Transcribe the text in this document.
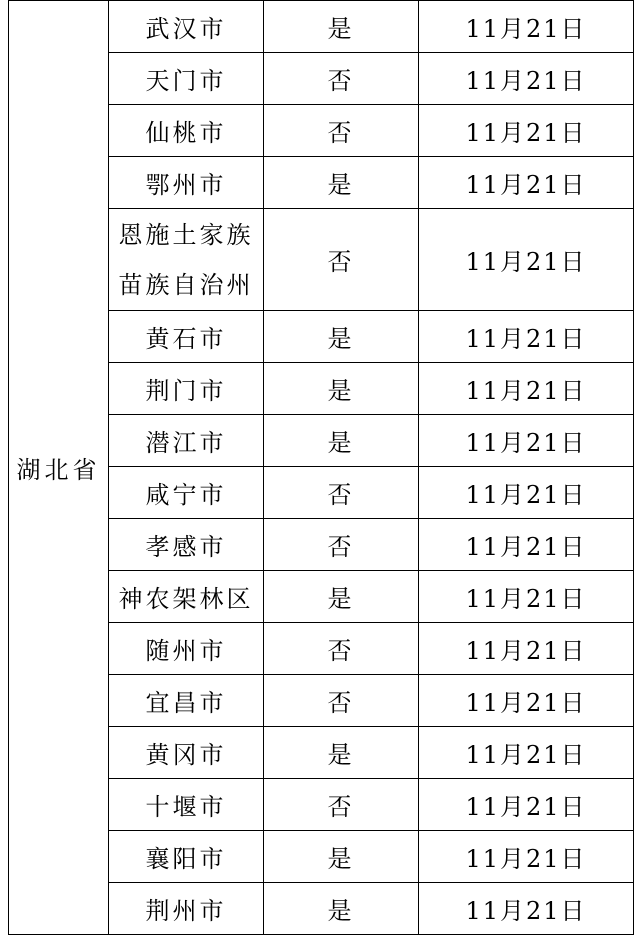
湖北省	武汉市	是	11月21日
	天门市	否	11月21日
	仙桃市	否	11月21日
	鄂州市	是	11月21日

	恩施土家族
苗族自治州	否	11月21日
	黄石市	是	11月21日
	荆门市	是	11月21日
	潜江市	是	11月21日
	咸宁市	否	11月21日
	孝感市	否	11月21日
	神农架林区	是	11月21日
	随州市	否	11月21日
	宜昌市	否	11月21日
	黄冈市	是	11月21日
	十堰市	否	11月21日
	襄阳市	是	11月21日
	荆州市	是	11月21日
